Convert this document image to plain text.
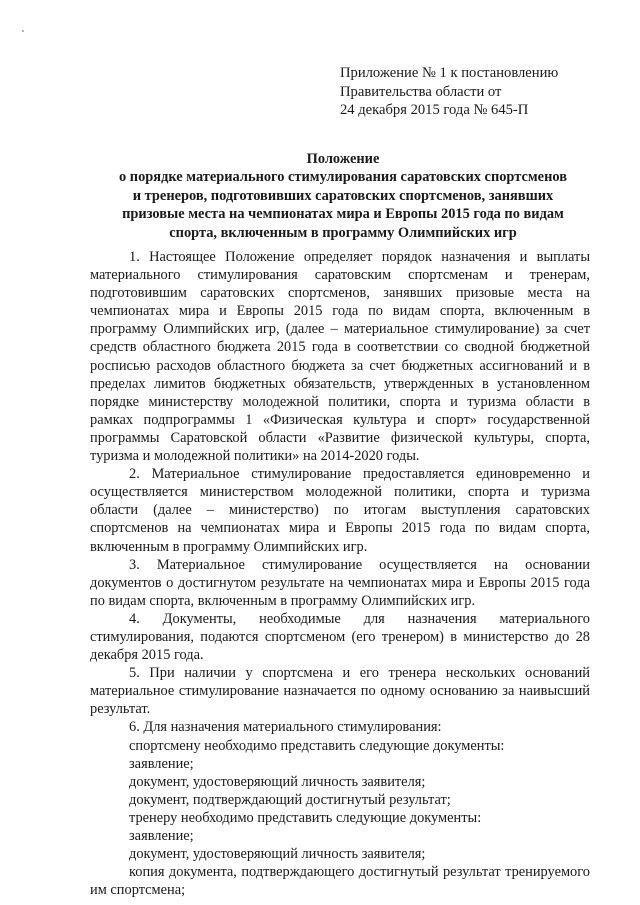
Приложение № 1 к постановлению
Правительства области от
24 декабря 2015 года № 645-П
Положение
о порядке материального стимулирования саратовских спортсменов
и тренеров, подготовивших саратовских спортсменов, занявших
призовые места на чемпионатах мира и Европы 2015 года по видам
спорта, включенным в программу Олимпийских игр

1. Настоящее Положение определяет порядок назначения и выплаты материального стимулирования саратовским спортсменам и тренерам, подготовившим саратовских спортсменов, занявших призовые места на чемпионатах мира и Европы 2015 года по видам спорта, включенным в программу Олимпийских игр, (далее – материальное стимулирование) за счет средств областного бюджета 2015 года в соответствии со сводной бюджетной росписью расходов областного бюджета за счет бюджетных ассигнований и в пределах лимитов бюджетных обязательств, утвержденных в установленном порядке министерству молодежной политики, спорта и туризма области в рамках подпрограммы 1 «Физическая культура и спорт» государственной программы Саратовской области «Развитие физической культуры, спорта, туризма и молодежной политики» на 2014-2020 годы.

2. Материальное стимулирование предоставляется единовременно и осуществляется министерством молодежной политики, спорта и туризма области (далее – министерство) по итогам выступления саратовских спортсменов на чемпионатах мира и Европы 2015 года по видам спорта, включенным в программу Олимпийских игр.

3. Материальное стимулирование осуществляется на основании документов о достигнутом результате на чемпионатах мира и Европы 2015 года по видам спорта, включенным в программу Олимпийских игр.

4. Документы, необходимые для назначения материального стимулирования, подаются спортсменом (его тренером) в министерство до 28 декабря 2015 года.

5. При наличии у спортсмена и его тренера нескольких оснований материальное стимулирование назначается по одному основанию за наивысший результат.

6. Для назначения материального стимулирования:

спортсмену необходимо представить следующие документы:

заявление;

документ, удостоверяющий личность заявителя;

документ, подтверждающий достигнутый результат;

тренеру необходимо представить следующие документы:

заявление;

документ, удостоверяющий личность заявителя;

копия документа, подтверждающего достигнутый результат тренируемого им спортсмена;
